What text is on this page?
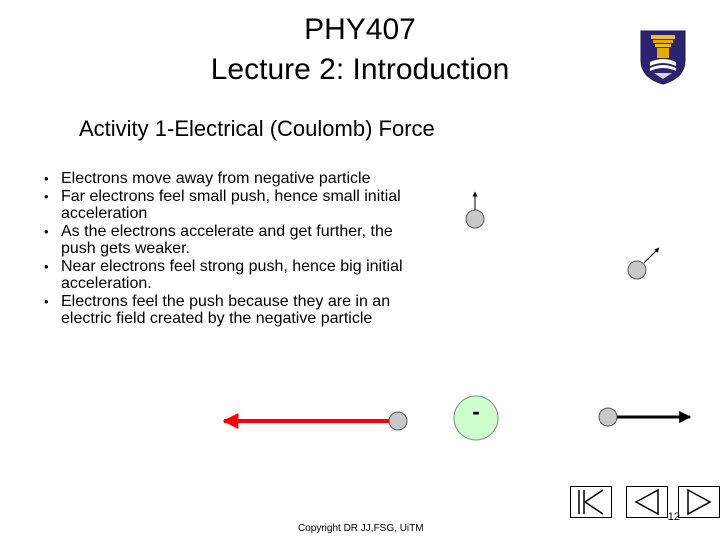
PHY407
Lecture 2: Introduction
Activity 1-Electrical (Coulomb) Force
• Electrons move away from negative particle
• Far electrons feel small push, hence small initial acceleration
• As the electrons accelerate and get further, the push gets weaker.
• Near electrons feel strong push, hence big initial acceleration.
• Electrons feel the push because they are in an electric field created by the negative particle
-
Copyright DR JJ,FSG, UiTM
12
